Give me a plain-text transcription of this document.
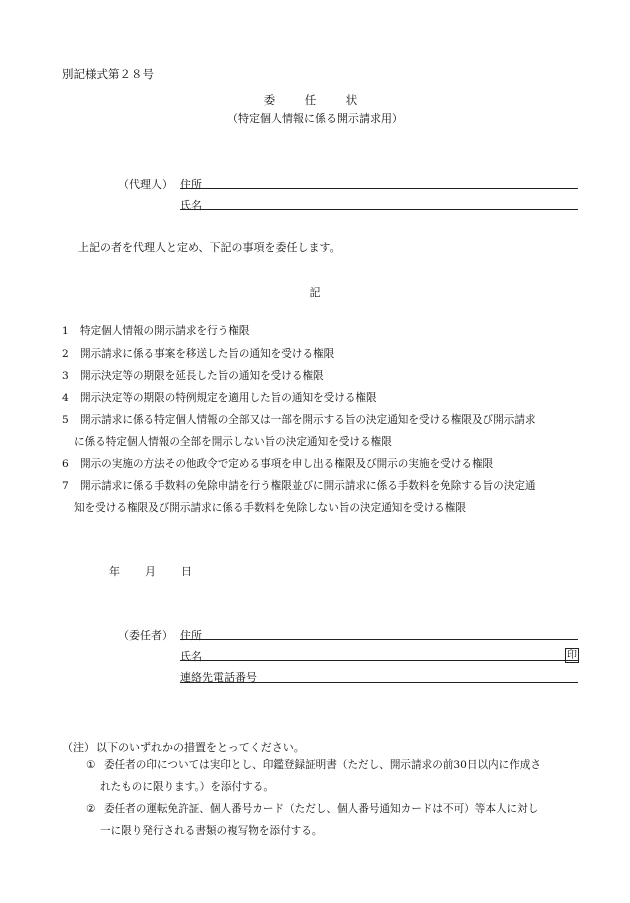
別記様式第２８号
委　任　状
（特定個人情報に係る開示請求用）
（代理人） 住所
氏名
上記の者を代理人と定め、下記の事項を委任します。
記
1	特定個人情報の開示請求を行う権限
2	開示請求に係る事案を移送した旨の通知を受ける権限
3	開示決定等の期限を延長した旨の通知を受ける権限
4	開示決定等の期限の特例規定を適用した旨の通知を受ける権限
5	開示請求に係る特定個人情報の全部又は一部を開示する旨の決定通知を受ける権限及び開示請求
に係る特定個人情報の全部を開示しない旨の決定通知を受ける権限
6	開示の実施の方法その他政令で定める事項を申し出る権限及び開示の実施を受ける権限
7	開示請求に係る手数料の免除申請を行う権限並びに開示請求に係る手数料を免除する旨の決定通
知を受ける権限及び開示請求に係る手数料を免除しない旨の決定通知を受ける権限
年 月 日
（委任者） 住所
氏名	印
連絡先電話番号
（注） 以下のいずれかの措置をとってください。
① 委任者の印については実印とし、印鑑登録証明書（ただし、開示請求の前30日以内に作成さ
れたものに限ります。）を添付する。
② 委任者の運転免許証、個人番号カード（ただし、個人番号通知カードは不可）等本人に対し
一に限り発行される書類の複写物を添付する。
